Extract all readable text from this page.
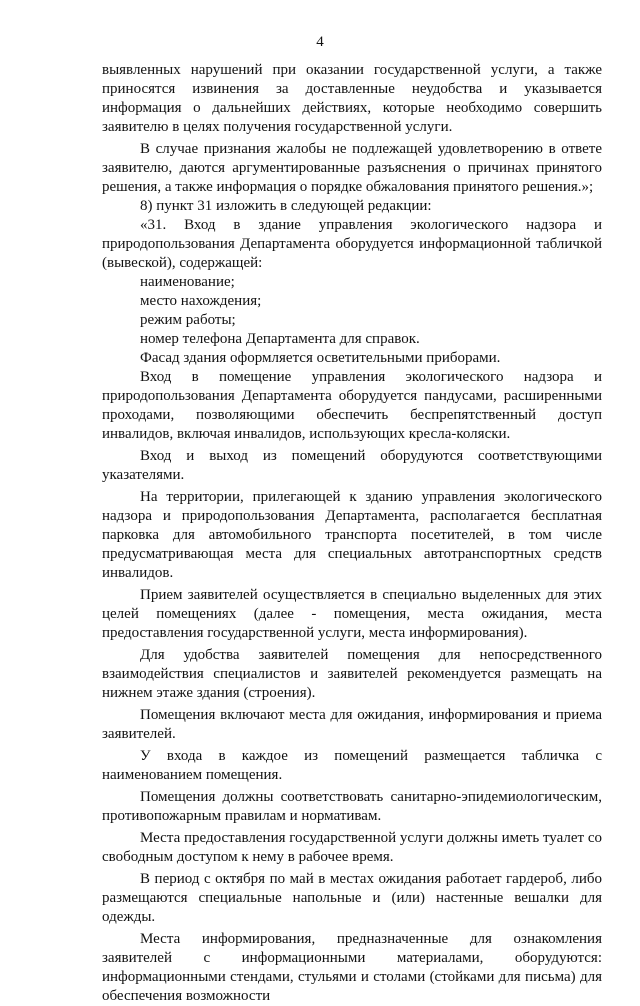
4

выявленных нарушений при оказании государственной услуги, а также приносятся извинения за доставленные неудобства и указывается информация о дальнейших действиях, которые необходимо совершить заявителю в целях получения государственной услуги.

В случае признания жалобы не подлежащей удовлетворению в ответе заявителю, даются аргументированные разъяснения о причинах принятого решения, а также информация о порядке обжалования принятого решения.»;

8) пункт 31 изложить в следующей редакции:

«31. Вход в здание управления экологического надзора и природопользования Департамента оборудуется информационной табличкой (вывеской), содержащей:

наименование;

место нахождения;

режим работы;

номер телефона Департамента для справок.

Фасад здания оформляется осветительными приборами.

Вход в помещение управления экологического надзора и природопользования Департамента оборудуется пандусами, расширенными проходами, позволяющими обеспечить беспрепятственный доступ инвалидов, включая инвалидов, использующих кресла-коляски.

Вход и выход из помещений оборудуются соответствующими указателями.

На территории, прилегающей к зданию управления экологического надзора и природопользования Департамента, располагается бесплатная парковка для автомобильного транспорта посетителей, в том числе предусматривающая места для специальных автотранспортных средств инвалидов.

Прием заявителей осуществляется в специально выделенных для этих целей помещениях (далее - помещения, места ожидания, места предоставления государственной услуги, места информирования).

Для удобства заявителей помещения для непосредственного взаимодействия специалистов и заявителей рекомендуется размещать на нижнем этаже здания (строения).

Помещения включают места для ожидания, информирования и приема заявителей.

У входа в каждое из помещений размещается табличка с наименованием помещения.

Помещения должны соответствовать санитарно-эпидемиологическим, противопожарным правилам и нормативам.

Места предоставления государственной услуги должны иметь туалет со свободным доступом к нему в рабочее время.

В период с октября по май в местах ожидания работает гардероб, либо размещаются специальные напольные и (или) настенные вешалки для одежды.

Места информирования, предназначенные для ознакомления заявителей с информационными материалами, оборудуются: информационными стендами, стульями и столами (стойками для письма) для обеспечения возможности
